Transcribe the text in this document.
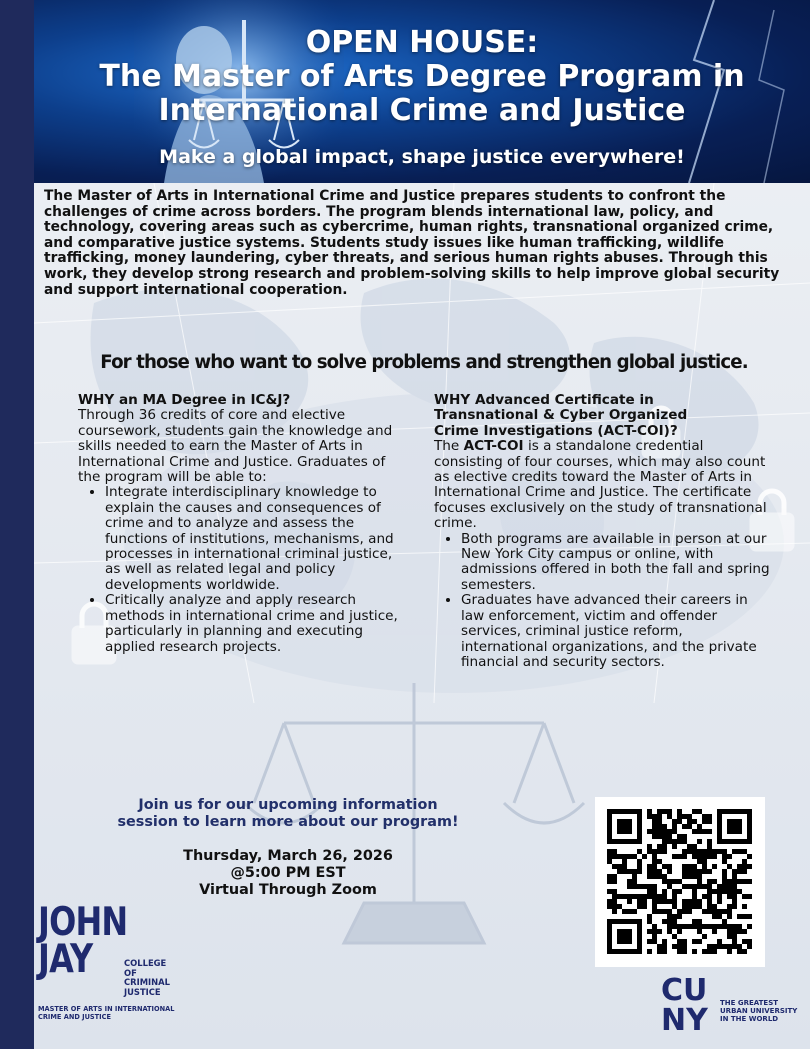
OPEN HOUSE:
The Master of Arts Degree Program in
International Crime and Justice

Make a global impact, shape justice everywhere!

The Master of Arts in International Crime and Justice prepares students to confront the challenges of crime across borders. The program blends international law, policy, and technology, covering areas such as cybercrime, human rights, transnational organized crime, and comparative justice systems. Students study issues like human trafficking, wildlife trafficking, money laundering, cyber threats, and serious human rights abuses. Through this work, they develop strong research and problem-solving skills to help improve global security and support international cooperation.

For those who want to solve problems and strengthen global justice.

WHY an MA Degree in IC&J?

Through 36 credits of core and elective coursework, students gain the knowledge and skills needed to earn the Master of Arts in International Crime and Justice. Graduates of the program will be able to:

• Integrate interdisciplinary knowledge to explain the causes and consequences of crime and to analyze and assess the functions of institutions, mechanisms, and processes in international criminal justice, as well as related legal and policy developments worldwide.
• Critically analyze and apply research methods in international crime and justice, particularly in planning and executing applied research projects.
WHY Advanced Certificate in
Transnational & Cyber Organized
Crime Investigations (ACT-COI)?

The ACT-COI is a standalone credential consisting of four courses, which may also count as elective credits toward the Master of Arts in International Crime and Justice. The certificate focuses exclusively on the study of transnational crime.

• Both programs are available in person at our New York City campus or online, with admissions offered in both the fall and spring semesters.
• Graduates have advanced their careers in law enforcement, victim and offender services, criminal justice reform, international organizations, and the private financial and security sectors.
Join us for our upcoming information
session to learn more about our program!
Thursday, March 26, 2026
@5:00 PM EST
Virtual Through Zoom
JOHN
JAY	COLLEGE
OF
CRIMINAL
JUSTICE
MASTER OF ARTS IN INTERNATIONAL
CRIME AND JUSTICE
CU
NY THE GREATEST
URBAN UNIVERSITY
IN THE WORLD
